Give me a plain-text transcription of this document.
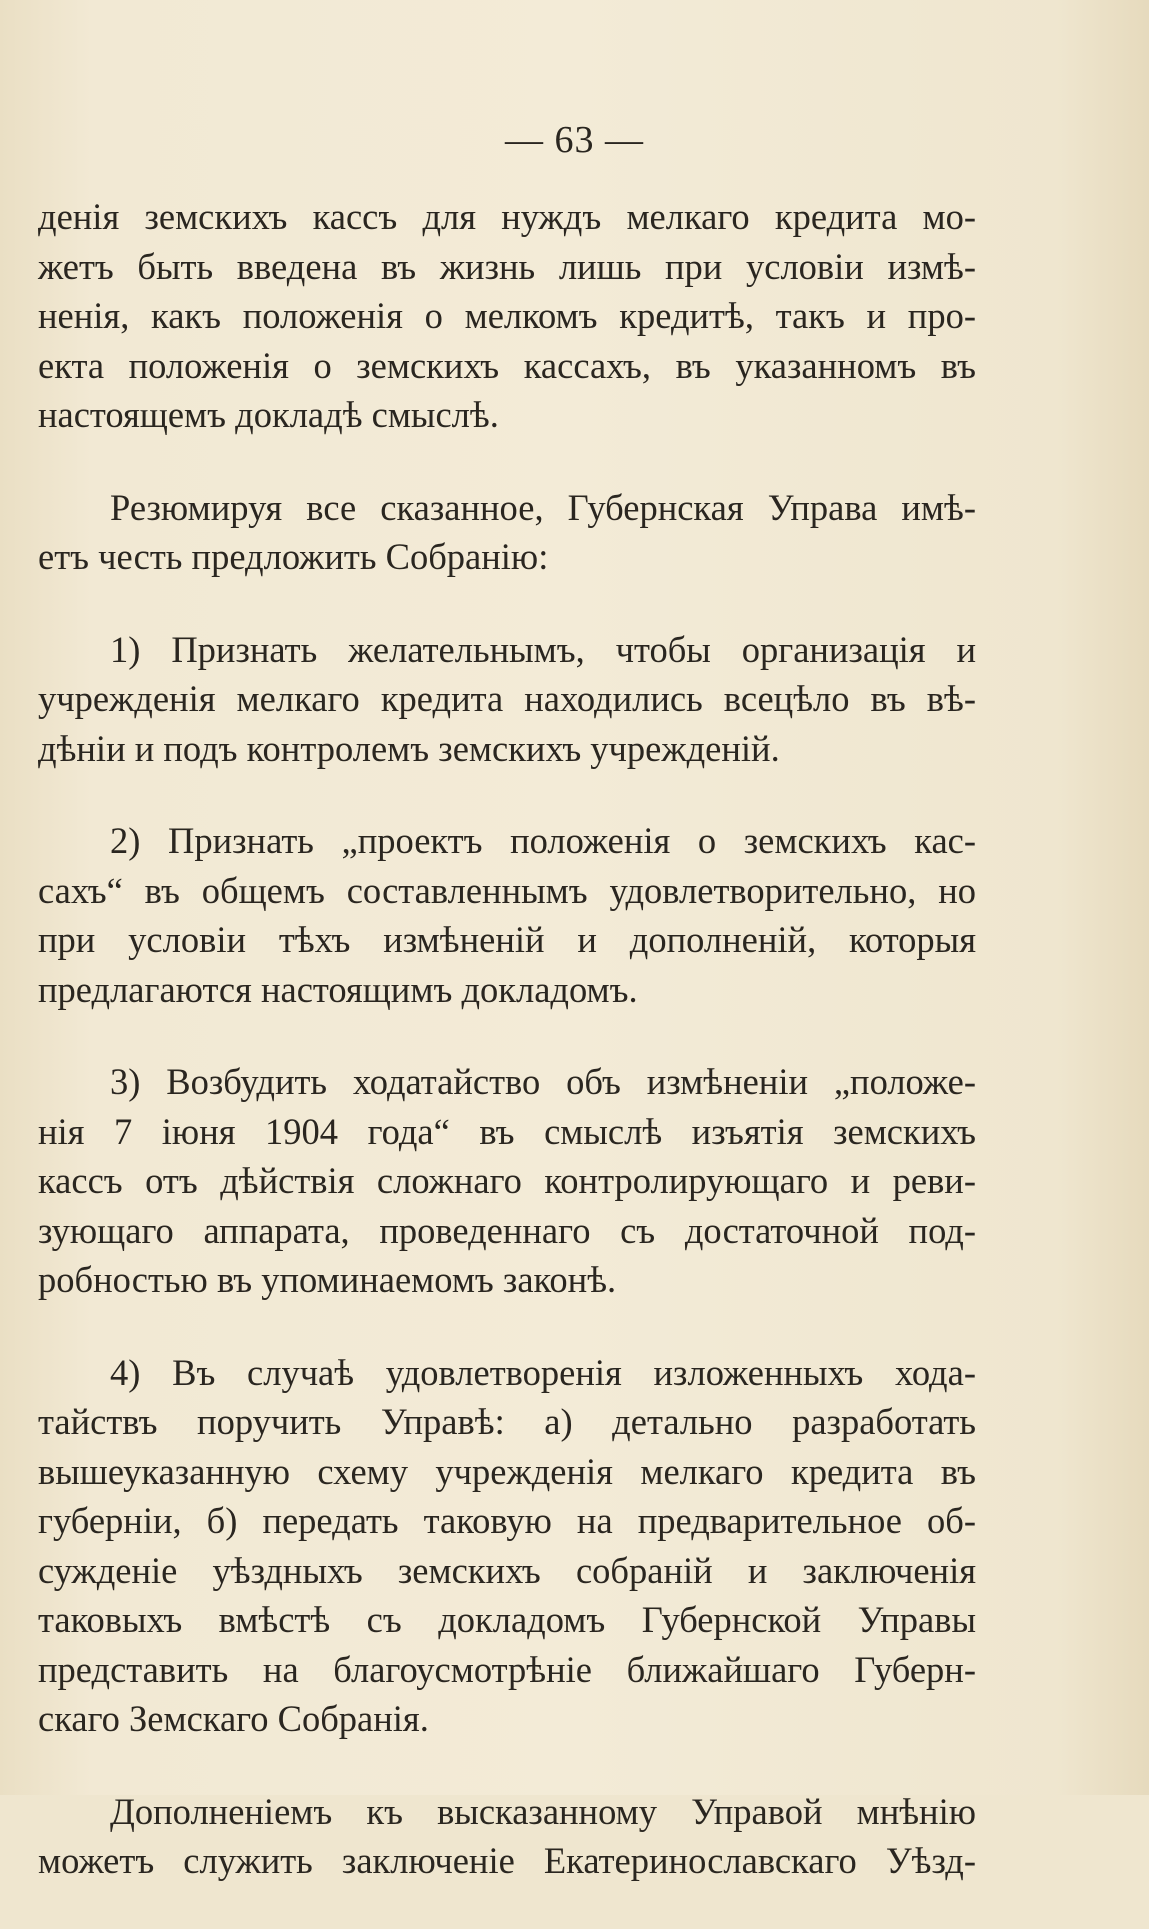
— 63 —
денія земскихъ кассъ для нуждъ мелкаго кредита мо-
жетъ быть введена въ жизнь лишь при условіи измѣ-
ненія, какъ положенія о мелкомъ кредитѣ, такъ и про-
екта положенія о земскихъ кассахъ, въ указанномъ въ
настоящемъ докладѣ смыслѣ.
Резюмируя все сказанное, Губернская Управа имѣ-
етъ честь предложить Собранію:
1) Признать желательнымъ, чтобы организація и
учрежденія мелкаго кредита находились всецѣло въ вѣ-
дѣніи и подъ контролемъ земскихъ учрежденій.
2) Признать „проектъ положенія о земскихъ кас-
сахъ“ въ общемъ составленнымъ удовлетворительно, но
при условіи тѣхъ измѣненій и дополненій, которыя
предлагаются настоящимъ докладомъ.
3) Возбудить ходатайство объ измѣненіи „положе-
нія 7 іюня 1904 года“ въ смыслѣ изъятія земскихъ
кассъ отъ дѣйствія сложнаго контролирующаго и реви-
зующаго аппарата, проведеннаго съ достаточной под-
робностью въ упоминаемомъ законѣ.
4) Въ случаѣ удовлетворенія изложенныхъ хода-
тайствъ поручить Управѣ: а) детально разработать
вышеуказанную схему учрежденія мелкаго кредита въ
губерніи, б) передать таковую на предварительное об-
сужденіе уѣздныхъ земскихъ собраній и заключенія
таковыхъ вмѣстѣ съ докладомъ Губернской Управы
представить на благоусмотрѣніе ближайшаго Губерн-
скаго Земскаго Собранія.
Дополненіемъ къ высказанному Управой мнѣнію
можетъ служить заключеніе Екатеринославскаго Уѣзд-
